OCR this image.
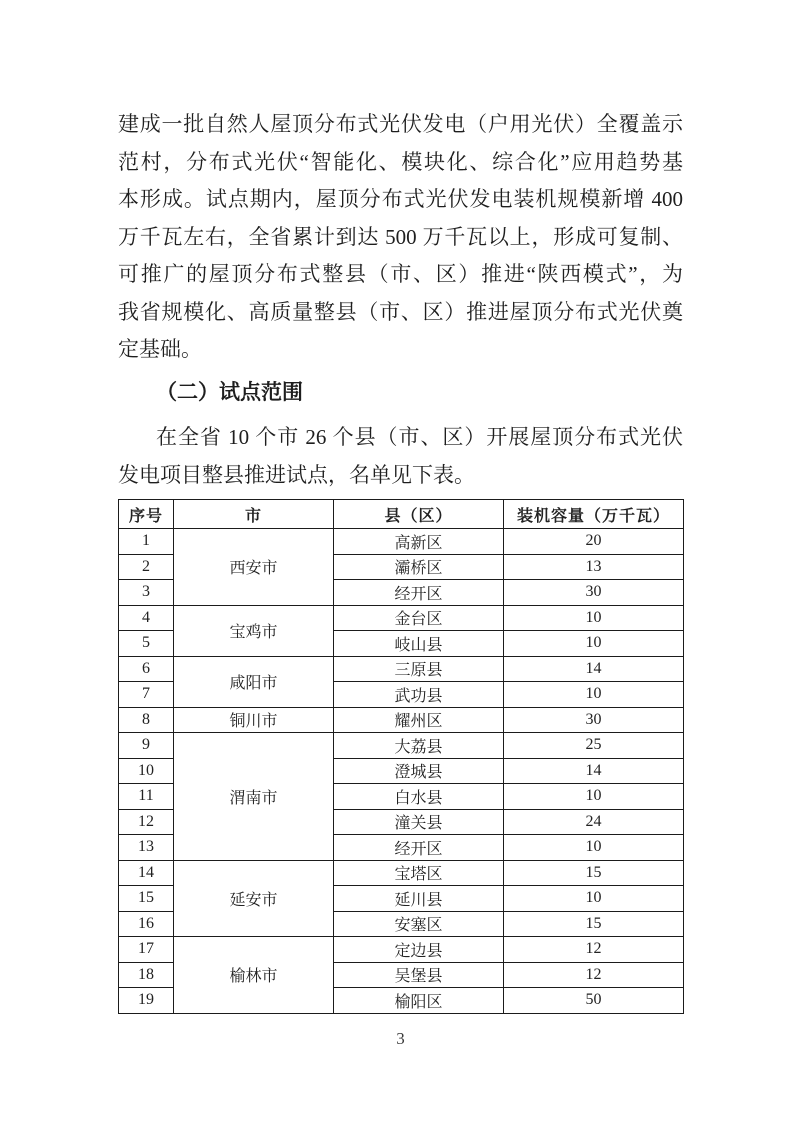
建成一批自然人屋顶分布式光伏发电（户用光伏）全覆盖示
范村，分布式光伏“智能化、模块化、综合化”应用趋势基
本形成。试点期内，屋顶分布式光伏发电装机规模新增 400
万千瓦左右，全省累计到达 500 万千瓦以上，形成可复制、
可推广的屋顶分布式整县（市、区）推进“陕西模式”，为
我省规模化、高质量整县（市、区）推进屋顶分布式光伏奠
定基础。
（二）试点范围
在全省 10 个市 26 个县（市、区）开展屋顶分布式光伏
发电项目整县推进试点，名单见下表。
序号	市	县（区）	装机容量（万千瓦）
1	西安市	高新区	20
2		灞桥区	13
3		经开区	30
4	宝鸡市	金台区	10
5		岐山县	10
6	咸阳市	三原县	14
7		武功县	10
8	铜川市	耀州区	30
9	渭南市	大荔县	25
10		澄城县	14
11		白水县	10
12		潼关县	24
13		经开区	10
14	延安市	宝塔区	15
15		延川县	10
16		安塞区	15
17	榆林市	定边县	12
18		吴堡县	12
19		榆阳区	50
3
